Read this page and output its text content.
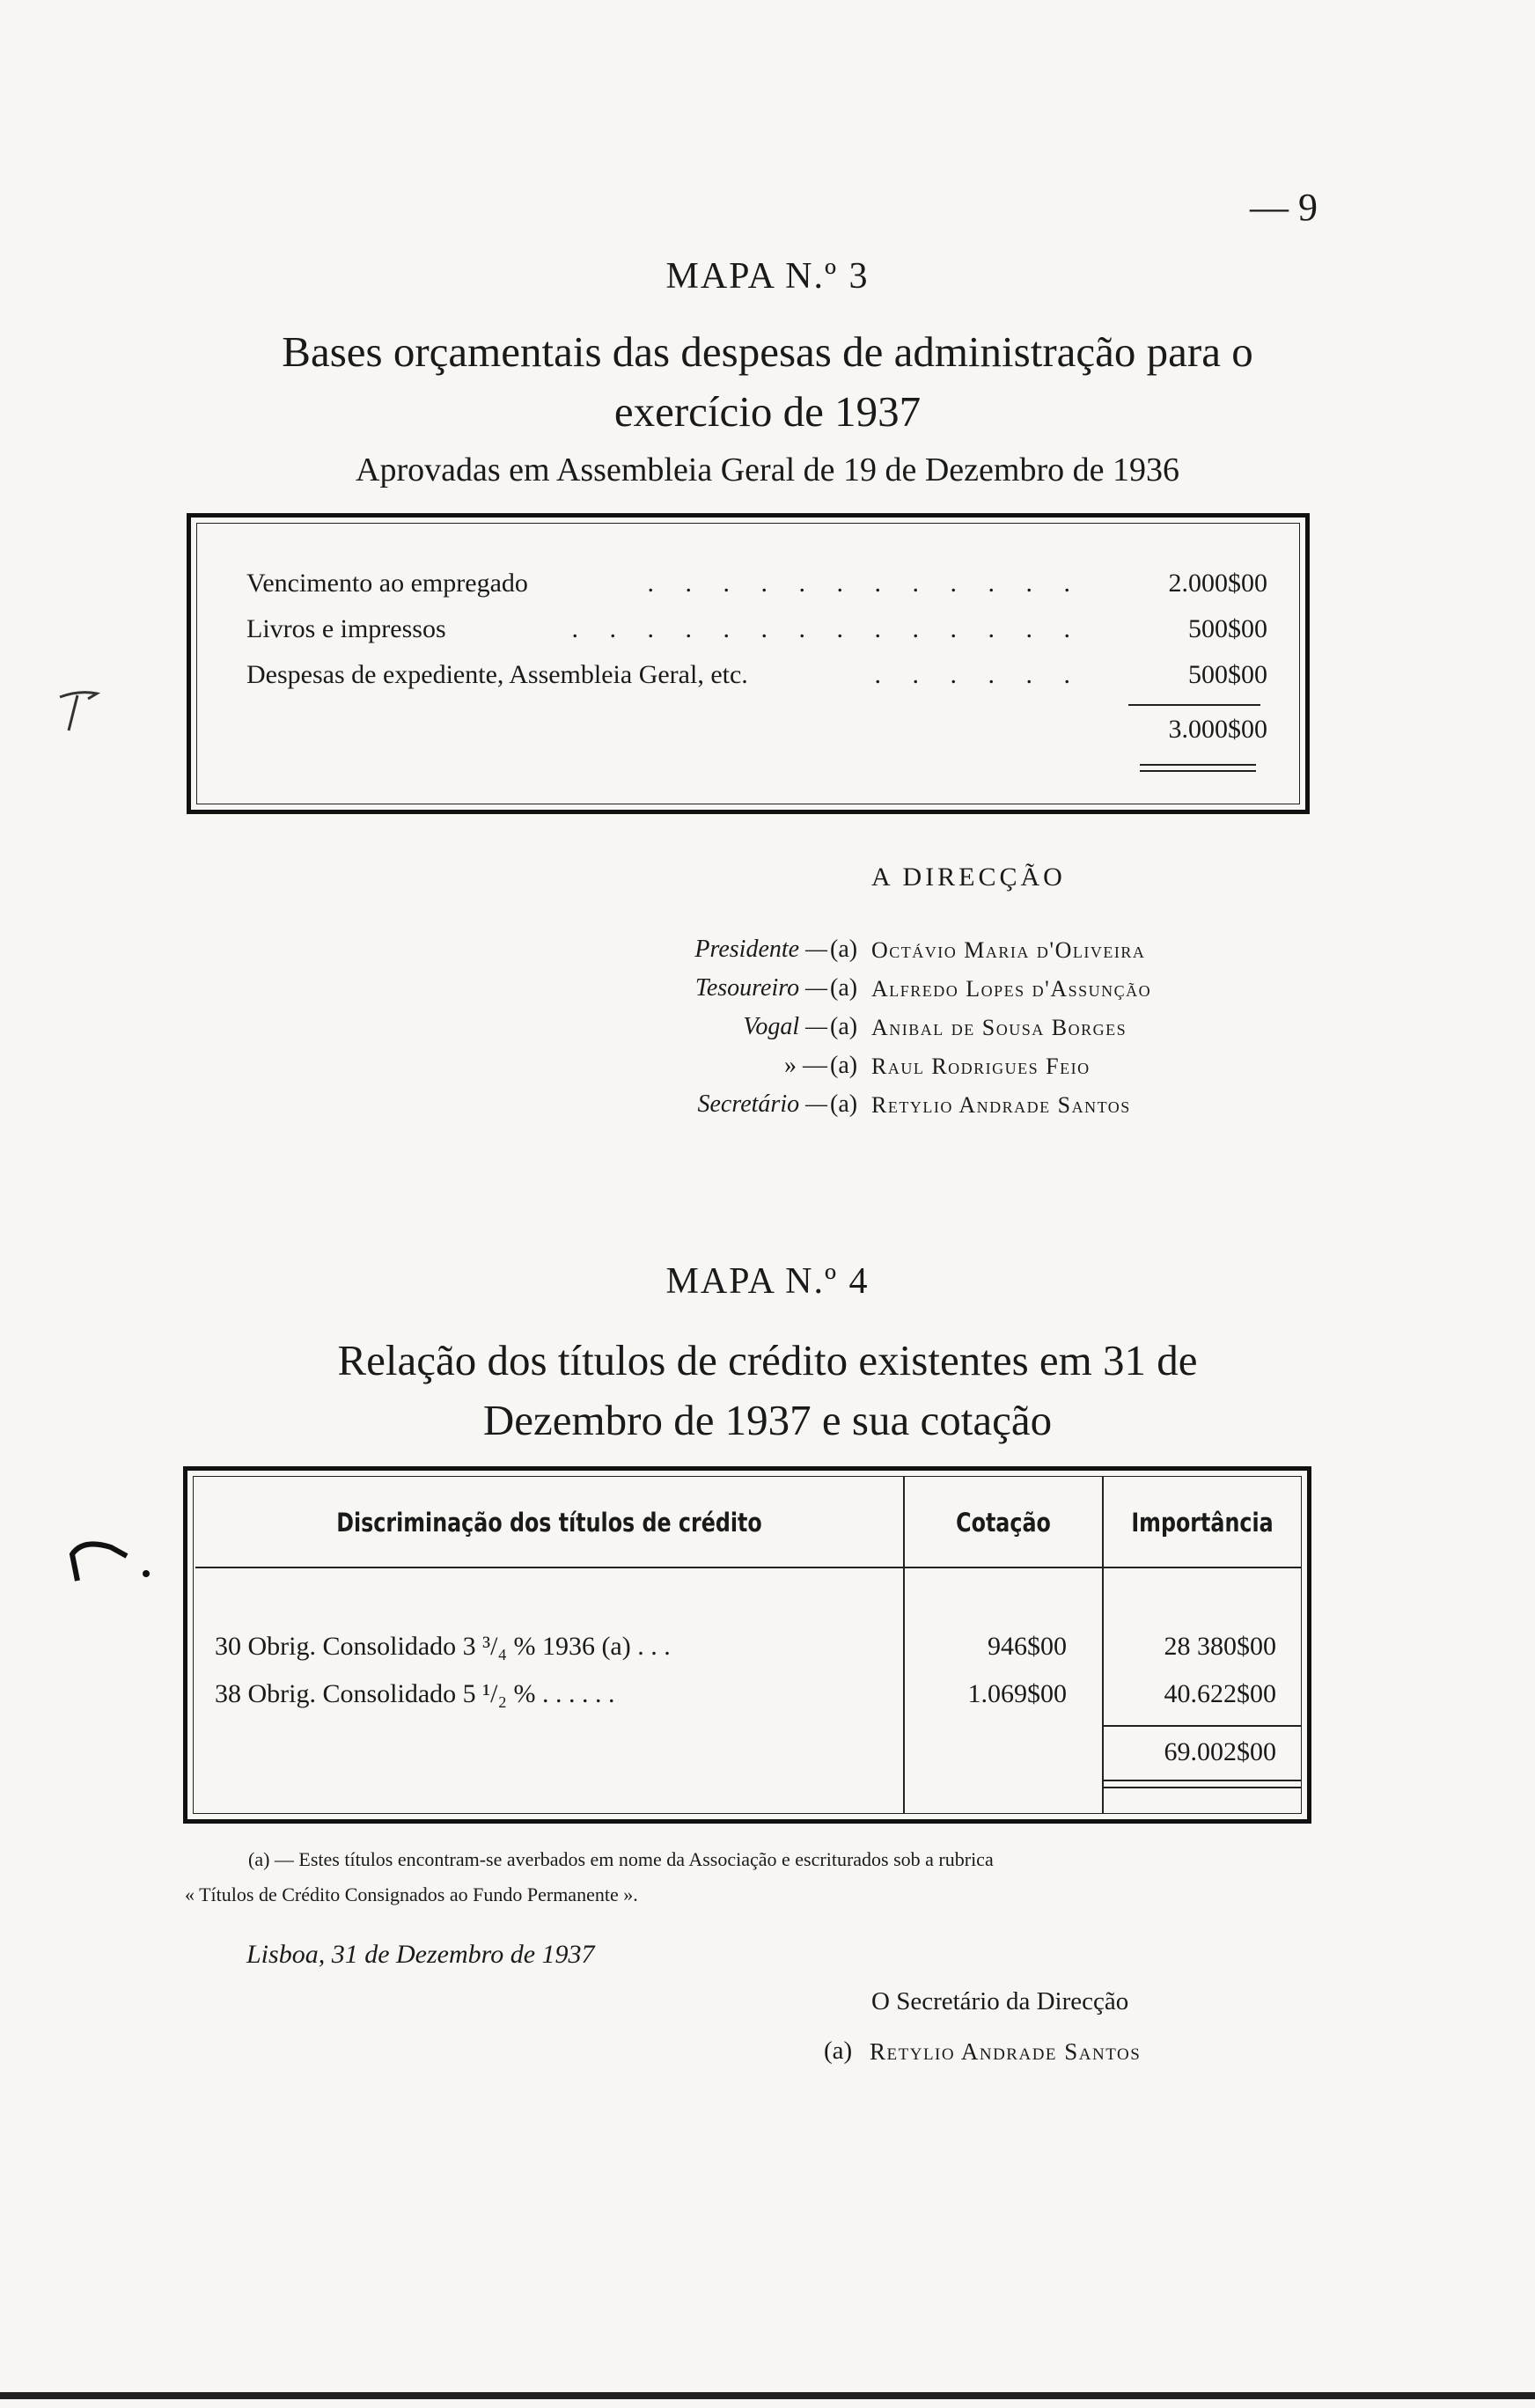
— 9
MAPA N.º 3
Bases orçamentais das despesas de administração para o
exercício de 1937
Aprovadas em Assembleia Geral de 19 de Dezembro de 1936
Vencimento ao empregado	. . . . . . . . . . . .	2.000$00
Livros e impressos	. . . . . . . . . . . . . .	500$00
Despesas de expediente, Assembleia Geral, etc.	. . . . . .	500$00
3.000$00
A DIRECÇÃO
Presidente — (a) Octávio Maria d'Oliveira
Tesoureiro — (a) Alfredo Lopes d'Assunção
Vogal — (a) Anibal de Sousa Borges
» — (a) Raul Rodrigues Feio
Secretário — (a) Retylio Andrade Santos
MAPA N.º 4
Relação dos títulos de crédito existentes em 31 de
Dezembro de 1937 e sua cotação
Discriminação dos títulos de crédito	Cotação	Importância
30 Obrig. Consolidado 3 ³/₄ % 1936 (a) . . .	946$00	28 380$00
38 Obrig. Consolidado 5 ¹/₂ % . . . . . .	1.069$00	40.622$00
69.002$00
(a) — Estes títulos encontram-se averbados em nome da Associação e escriturados sob a rubrica
« Títulos de Crédito Consignados ao Fundo Permanente ».
Lisboa, 31 de Dezembro de 1937
O Secretário da Direcção
(a) Retylio Andrade Santos
